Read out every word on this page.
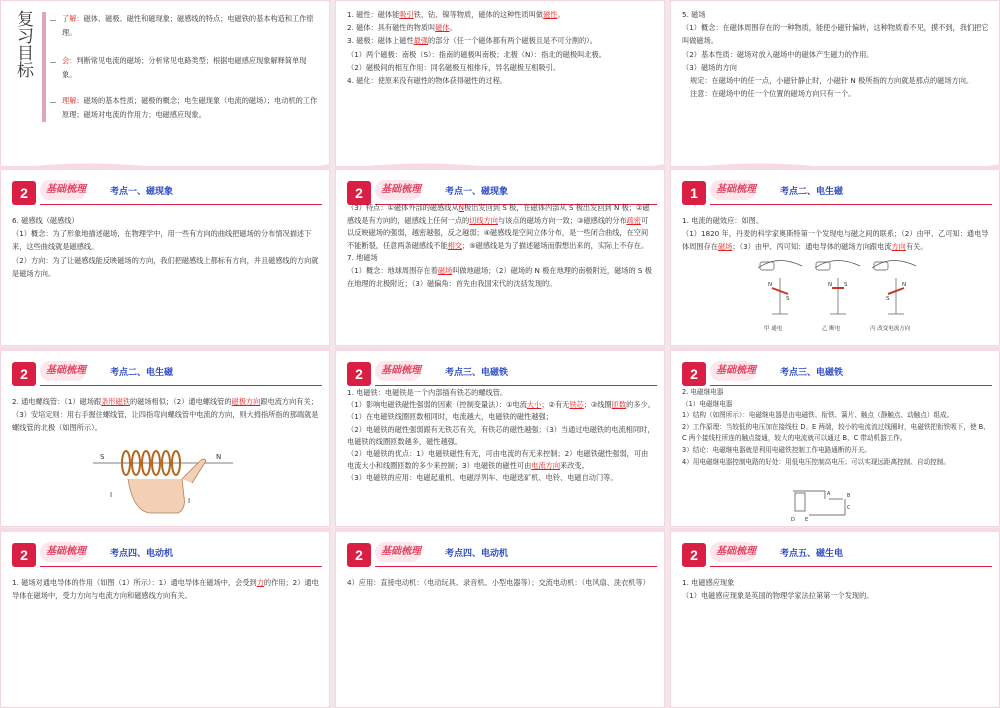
复习目标	了解：磁体、磁极、磁性和磁现象；磁感线的特点；电磁铁的基本构造和工作原理。
会：判断常见电流的磁场；分析常见电路类型；根据电磁感应现象解释简单现象。
理解：磁场的基本性质；磁极的概念；电生磁现象（电流的磁场）；电动机的工作原理；磁场对电流的作用力；电磁感应现象。

1. 磁性：磁体能吸引铁、钴、镍等物质，磁体的这种性质叫做磁性。

2. 磁体：具有磁性的物质叫磁体。

3. 磁极：磁体上磁性最强的部分（任一个磁体都有两个磁极且是不可分割的）。

（1）两个磁极：南极（S）：指南的磁极叫南极；北极（N）：指北的磁极叫北极。

（2）磁极间的相互作用：同名磁极互相排斥，异名磁极互相吸引。

4. 磁化：使原来没有磁性的物体获得磁性的过程。

5. 磁场

（1）概念：在磁体周围存在的一种物质，能使小磁针偏转，这种物质看不见，摸不到，我们把它叫做磁场。

（2）基本性质：磁场对放入磁场中的磁体产生磁力的作用。

（3）磁场的方向

规定：在磁场中的任一点，小磁针静止时，小磁针 N 极所指的方向就是那点的磁场方向。

注意：在磁场中的任一个位置的磁场方向只有一个。

2	基础梳理	考点一、磁现象

6. 磁感线（磁感线）

（1）概念：为了形象地描述磁场，在物理学中，用一些有方向的曲线把磁场的分布情况描述下来，这些曲线就是磁感线。

（2）方向：为了让磁感线能反映磁场的方向，我们把磁感线上都标有方向，并且磁感线的方向就是磁场方向。

2	基础梳理	考点一、磁现象

（3）特点：①磁体外部的磁感线从N极出发回到 S 极，在磁体内部从 S 极出发回到 N 极；②磁感线是有方向的，磁感线上任何一点的切线方向与该点的磁场方向一致；③磁感线的分布疏密可以反映磁场的强弱，越密越强，反之越弱；④磁感线是空间立体分布，是一些闭合曲线，在空间不能断裂，任意两条磁感线不能相交；⑤磁感线是为了描述磁场而假想出来的，实际上不存在。

7. 地磁场

（1）概念：地球周围存在着磁场叫做地磁场；（2）磁场的 N 极在地理的南极附近，磁场的 S 极在地理的北极附近；（3）磁偏角：首先由我国宋代的沈括发现的。

1	基础梳理	考点二、电生磁

1. 电流的磁效应：如图。

（1）1820 年，丹麦的科学家奥斯特第一个发现电与磁之间的联系；（2）由甲、乙可知：通电导体周围存在磁场；（3）由甲、丙可知：通电导体的磁场方向跟电流方向有关。

N
S
N S
S
N
甲 通电	乙 断电	丙 改变电流方向
2	基础梳理	考点二、电生磁

2. 通电螺线管：（1）磁场跟条形磁铁的磁场相似；（2）通电螺线管的磁极方向跟电流方向有关；（3）安培定则：用右手握住螺线管，让四指弯向螺线管中电流的方向，则大拇指所指的那端就是螺线管的北极（如图所示）。

S	N
I
I
2	基础梳理	考点三、电磁铁

1. 电磁铁：电磁铁是一个内部插有铁芯的螺线管。

（1）影响电磁铁磁性强弱的因素（控制变量法）：①电流大小；②有无铁芯；③线圈匝数的多少。（1）在电磁铁线圈匝数相同时，电流越大，电磁铁的磁性越强；

（2）电磁铁的磁性强弱跟有无铁芯有关，有铁芯的磁性越强；（3）当通过电磁铁的电流相同时，电磁铁的线圈匝数越多，磁性越强。

（2）电磁铁的优点：1）电磁铁磁性有无，可由电流的有无来控制；2）电磁铁磁性强弱，可由电流大小和线圈匝数的多少来控制；3）电磁铁的磁性可由电流方向来改变。

（3）电磁铁的应用：电磁起重机、电磁浮列车、电磁选矿机、电铃、电磁自动门等。

2	基础梳理	考点三、电磁铁

2. 电磁继电器

（1）电磁继电器

1）结构（如图所示）：电磁继电器是由电磁铁、衔铁、簧片、触点（静触点、动触点）组成。

2）工作原理：当较低的电压加在接线柱 D、E 两端，较小的电流流过线圈时，电磁铁把衔铁吸下，使 B、C 两个接线柱所连的触点接通，较大的电流就可以通过 B、C 带动机器工作。

3）结论：电磁继电器就是利用电磁铁控制工作电路通断的开关。

4）用电磁继电器控制电路的好处：用低电压控制高电压；可以实现远距离控制、自动控制。

A	B
C
D E
2	基础梳理	考点四、电动机

1. 磁场对通电导体的作用（如图（1）所示）：1）通电导体在磁场中，会受到力的作用；2）通电导体在磁场中，受力方向与电流方向和磁感线方向有关。

2	基础梳理	考点四、电动机

4）应用：直接电动机：（电动玩具、录音机、小型电器等）；交流电动机：（电风扇、洗衣机等）

2	基础梳理	考点五、磁生电

1. 电磁感应现象

（1）电磁感应现象是英国的物理学家法拉第第一个发现的。
